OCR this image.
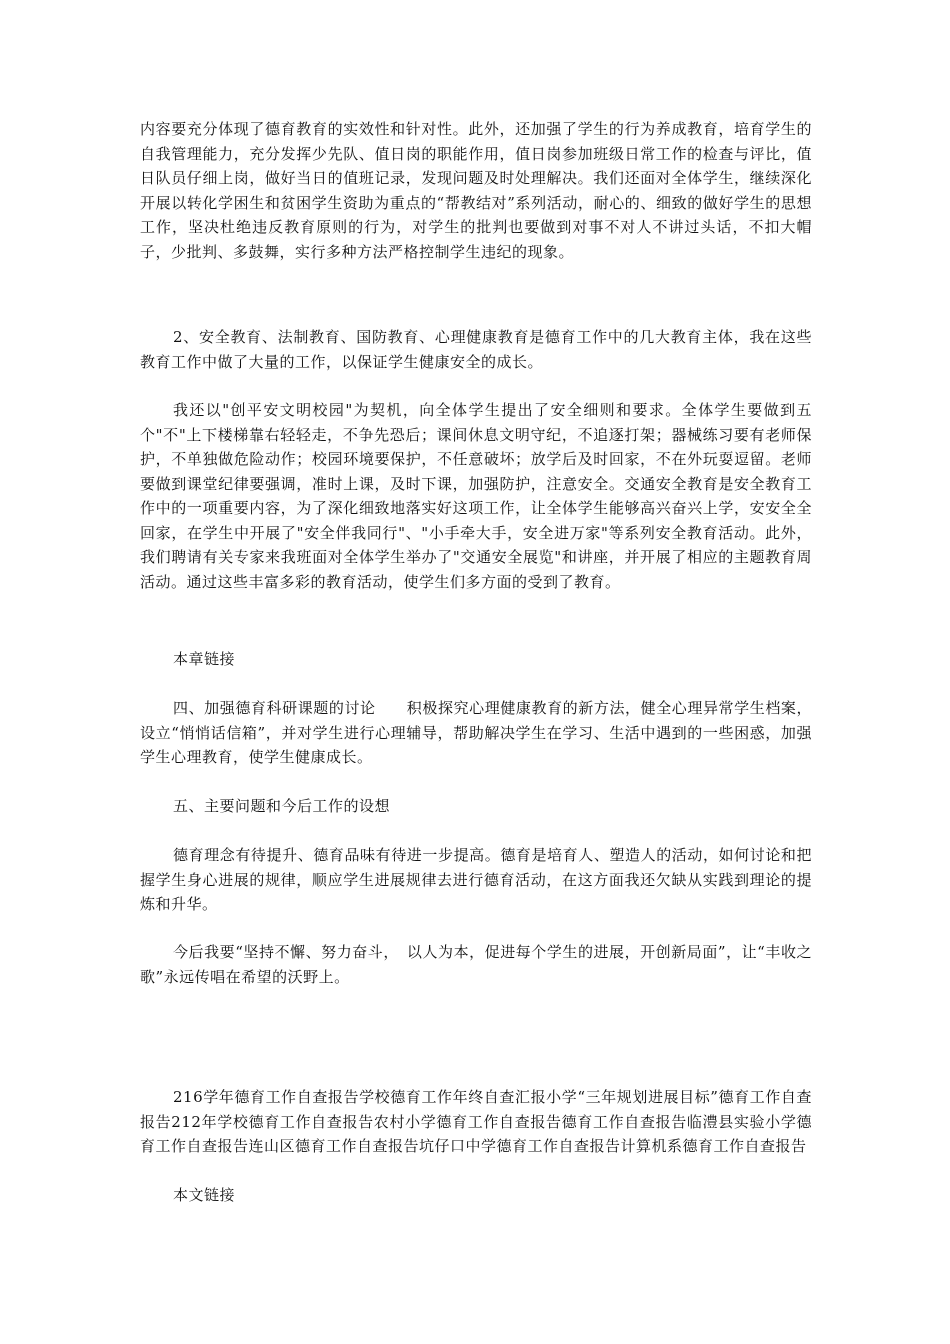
内容要充分体现了德育教育的实效性和针对性。此外，还加强了学生的行为养成教育，培育学生的自我管理能力，充分发挥少先队、值日岗的职能作用，值日岗参加班级日常工作的检查与评比，值日队员仔细上岗，做好当日的值班记录，发现问题及时处理解决。我们还面对全体学生，继续深化开展以转化学困生和贫困学生资助为重点的“帮教结对”系列活动，耐心的、细致的做好学生的思想工作，坚决杜绝违反教育原则的行为，对学生的批判也要做到对事不对人不讲过头话，不扣大帽子，少批判、多鼓舞，实行多种方法严格控制学生违纪的现象。

2、安全教育、法制教育、国防教育、心理健康教育是德育工作中的几大教育主体，我在这些教育工作中做了大量的工作，以保证学生健康安全的成长。

我还以"创平安文明校园"为契机，向全体学生提出了安全细则和要求。全体学生要做到五个"不"上下楼梯靠右轻轻走，不争先恐后；课间休息文明守纪，不追逐打架；器械练习要有老师保护，不单独做危险动作；校园环境要保护，不任意破坏；放学后及时回家，不在外玩耍逗留。老师要做到课堂纪律要强调，准时上课，及时下课，加强防护，注意安全。交通安全教育是安全教育工作中的一项重要内容，为了深化细致地落实好这项工作，让全体学生能够高兴奋兴上学，安安全全回家，在学生中开展了"安全伴我同行"、"小手牵大手，安全进万家"等系列安全教育活动。此外，我们聘请有关专家来我班面对全体学生举办了"交通安全展览"和讲座，并开展了相应的主题教育周活动。通过这些丰富多彩的教育活动，使学生们多方面的受到了教育。

本章链接

四、加强德育科研课题的讨论　　积极探究心理健康教育的新方法，健全心理异常学生档案，设立“悄悄话信箱”，并对学生进行心理辅导，帮助解决学生在学习、生活中遇到的一些困惑，加强学生心理教育，使学生健康成长。

五、主要问题和今后工作的设想

德育理念有待提升、德育品味有待进一步提高。德育是培育人、塑造人的活动，如何讨论和把握学生身心进展的规律，顺应学生进展规律去进行德育活动，在这方面我还欠缺从实践到理论的提炼和升华。

今后我要“坚持不懈、努力奋斗，　以人为本，促进每个学生的进展，开创新局面”，让“丰收之歌”永远传唱在希望的沃野上。

216学年德育工作自查报告学校德育工作年终自查汇报小学“三年规划进展目标”德育工作自查报告212年学校德育工作自查报告农村小学德育工作自查报告德育工作自查报告临澧县实验小学德育工作自查报告连山区德育工作自查报告坑仔口中学德育工作自查报告计算机系德育工作自查报告

本文链接
